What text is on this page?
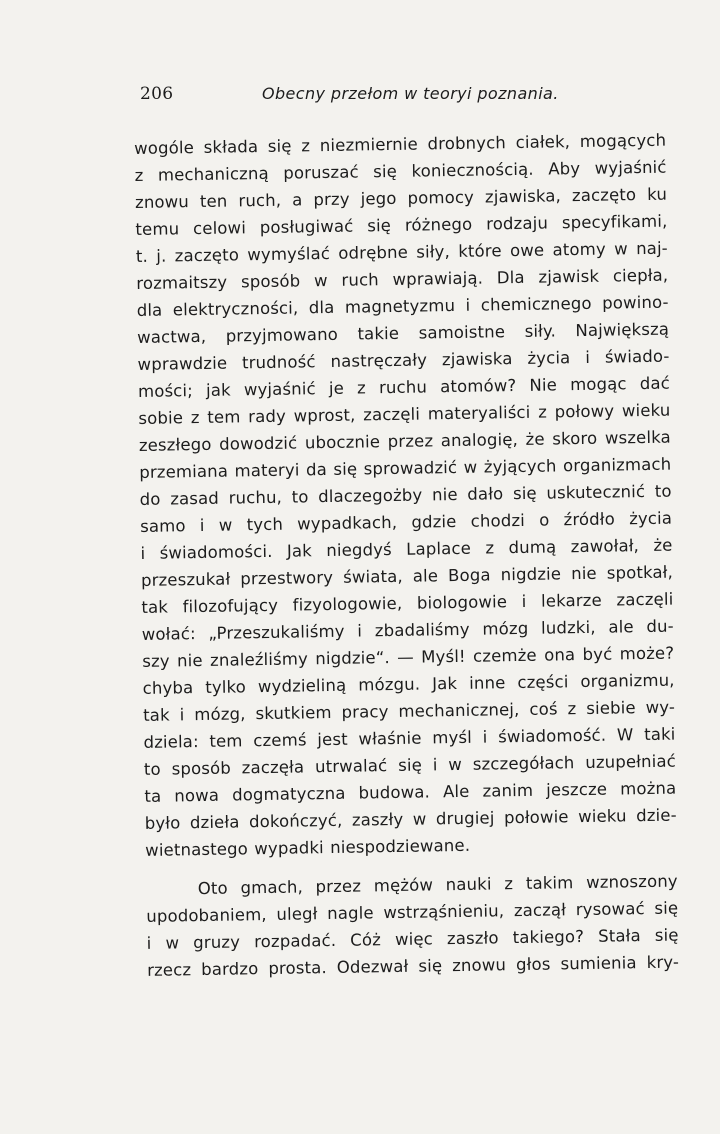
206	Obecny przełom w teoryi poznania.
wogóle składa się z niezmiernie drobnych ciałek, mogących
z mechaniczną poruszać się koniecznością. Aby wyjaśnić
znowu ten ruch, a przy jego pomocy zjawiska, zaczęto ku
temu celowi posługiwać się różnego rodzaju specyfikami,
t. j. zaczęto wymyślać odrębne siły, które owe atomy w naj-
rozmaitszy sposób w ruch wprawiają. Dla zjawisk ciepła,
dla elektryczności, dla magnetyzmu i chemicznego powino-
wactwa, przyjmowano takie samoistne siły. Największą
wprawdzie trudność nastręczały zjawiska życia i świado-
mości; jak wyjaśnić je z ruchu atomów? Nie mogąc dać
sobie z tem rady wprost, zaczęli materyaliści z połowy wieku
zeszłego dowodzić ubocznie przez analogię, że skoro wszelka
przemiana materyi da się sprowadzić w żyjących organizmach
do zasad ruchu, to dlaczegożby nie dało się uskutecznić to
samo i w tych wypadkach, gdzie chodzi o źródło życia
i świadomości. Jak niegdyś Laplace z dumą zawołał, że
przeszukał przestwory świata, ale Boga nigdzie nie spotkał,
tak filozofujący fizyologowie, biologowie i lekarze zaczęli
wołać: „Przeszukaliśmy i zbadaliśmy mózg ludzki, ale du-
szy nie znaleźliśmy nigdzie“. — Myśl! czemże ona być może?
chyba tylko wydzieliną mózgu. Jak inne części organizmu,
tak i mózg, skutkiem pracy mechanicznej, coś z siebie wy-
dziela: tem czemś jest właśnie myśl i świadomość. W taki
to sposób zaczęła utrwalać się i w szczegółach uzupełniać
ta nowa dogmatyczna budowa. Ale zanim jeszcze można
było dzieła dokończyć, zaszły w drugiej połowie wieku dzie-
wietnastego wypadki niespodziewane.
Oto gmach, przez mężów nauki z takim wznoszony
upodobaniem, uległ nagle wstrząśnieniu, zaczął rysować się
i w gruzy rozpadać. Cóż więc zaszło takiego? Stała się
rzecz bardzo prosta. Odezwał się znowu głos sumienia kry-
